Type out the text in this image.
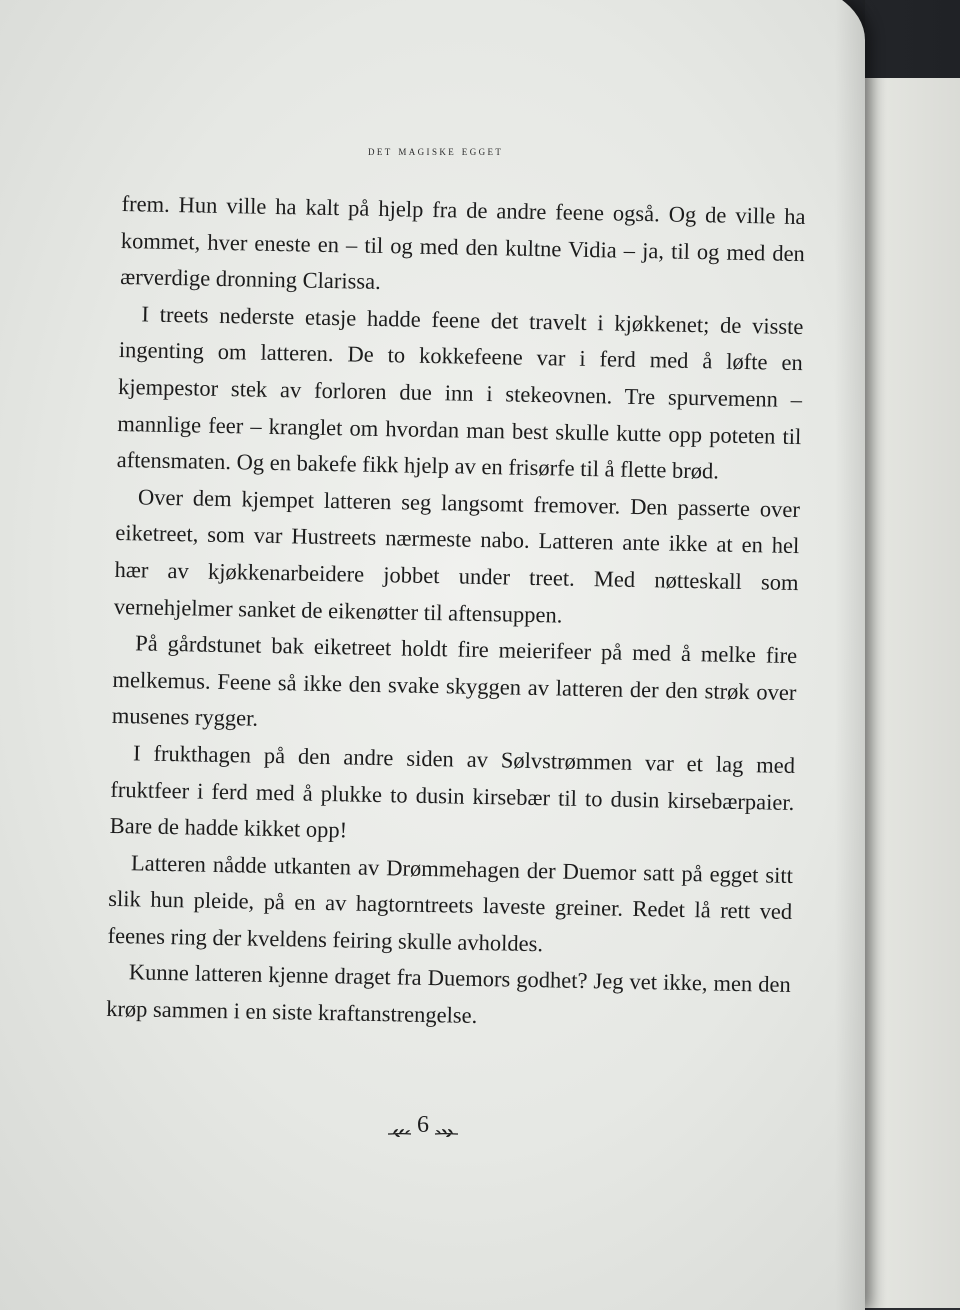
det magiske egget

frem. Hun ville ha kalt på hjelp fra de andre feene også. Og de ville ha kommet, hver eneste en – til og med den kultne Vidia – ja, til og med den ærverdige dronning Clarissa.

I treets nederste etasje hadde feene det travelt i kjøkkenet; de visste ingenting om latteren. De to kokkefeene var i ferd med å løfte en kjempestor stek av forloren due inn i stekeovnen. Tre spurvemenn – mannlige feer – kranglet om hvordan man best skulle kutte opp poteten til aftensmaten. Og en bakefe fikk hjelp av en frisørfe til å flette brød.

Over dem kjempet latteren seg langsomt fremover. Den passerte over eiketreet, som var Hustreets nærmeste nabo. Latteren ante ikke at en hel hær av kjøkkenarbeidere jobbet under treet. Med nøtteskall som vernehjelmer sanket de eikenøtter til aftensuppen.

På gårdstunet bak eiketreet holdt fire meierifeer på med å melke fire melkemus. Feene så ikke den svake skyggen av latteren der den strøk over musenes rygger.

I frukthagen på den andre siden av Sølvstrømmen var et lag med fruktfeer i ferd med å plukke to dusin kirsebær til to dusin kirsebærpaier. Bare de hadde kikket opp!

Latteren nådde utkanten av Drømmehagen der Duemor satt på egget sitt slik hun pleide, på en av hagtorntreets laveste greiner. Redet lå rett ved feenes ring der kveldens feiring skulle avholdes.

Kunne latteren kjenne draget fra Duemors godhet? Jeg vet ikke, men den krøp sammen i en siste kraftanstrengelse.

6
